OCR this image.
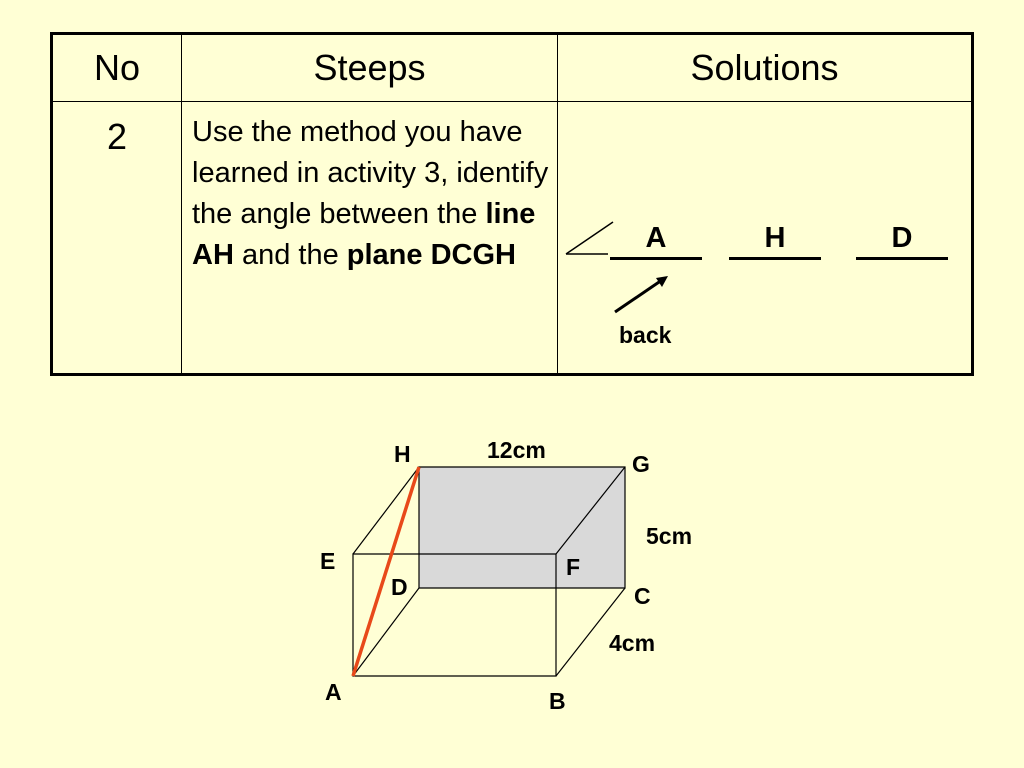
No	Steeps	Solutions
2	Use the method you have learned in activity 3, identify the angle between the line AH and the plane DCGH	A H D
back
H	G
E	F
D	C
A	B
12cm
5cm
4cm
